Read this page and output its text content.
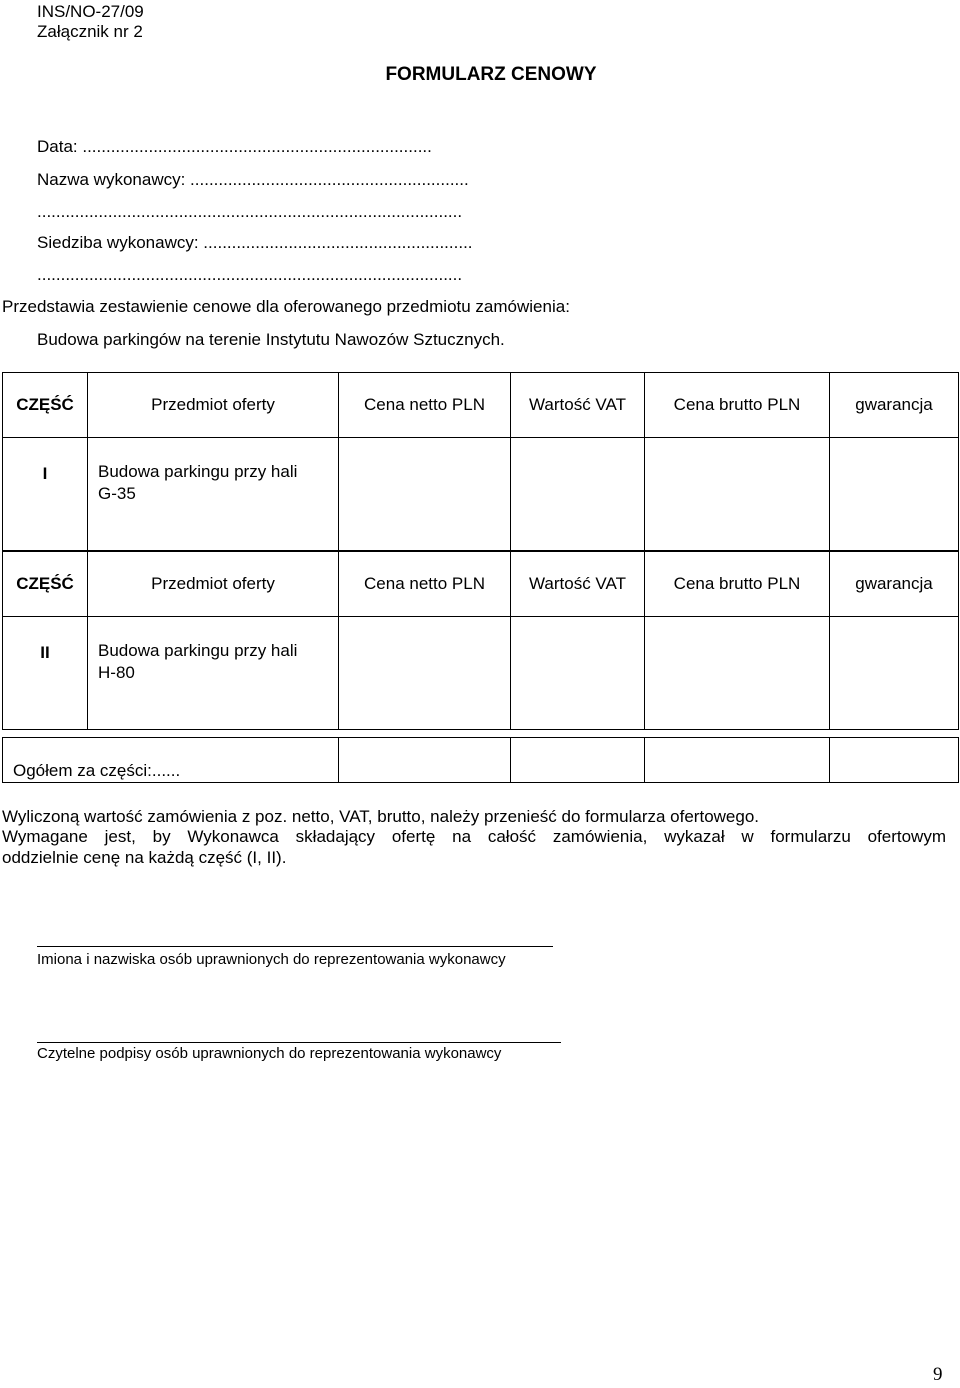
INS/NO-27/09
Załącznik nr 2
FORMULARZ CENOWY
Data: ..........................................................................
Nazwa wykonawcy: ...........................................................
..........................................................................................
Siedziba wykonawcy: .........................................................
..........................................................................................
Przedstawia zestawienie cenowe dla oferowanego przedmiotu zamówienia:
Budowa parkingów na terenie Instytutu Nawozów Sztucznych.
CZĘŚĆ	Przedmiot oferty	Cena netto PLN	Wartość VAT	Cena brutto PLN	gwarancja
I	Budowa parkingu przy hali
G-35				
CZĘŚĆ	Przedmiot oferty	Cena netto PLN	Wartość VAT	Cena brutto PLN	gwarancja
II	Budowa parkingu przy hali
H-80				
Ogółem za części:......				
Wyliczoną wartość zamówienia z poz. netto, VAT, brutto, należy przenieść do formularza ofertowego.
Wymagane jest, by Wykonawca składający ofertę na całość zamówienia, wykazał w formularzu ofertowym
oddzielnie cenę na każdą część (I, II).
Imiona i nazwiska osób uprawnionych do reprezentowania wykonawcy
Czytelne podpisy osób uprawnionych do reprezentowania wykonawcy
9
